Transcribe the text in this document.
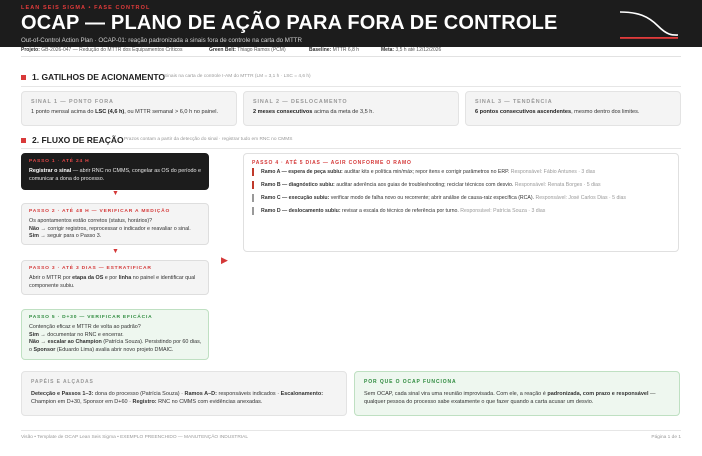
LEAN SEIS SIGMA • FASE CONTROL
OCAP — PLANO DE AÇÃO PARA FORA DE CONTROLE
Out-of-Control Action Plan · OCAP-01: reação padronizada a sinais fora de controle na carta do MTTR
Projeto: GB-2026-047 — Redução do MTTR dos Equipamentos Críticos	Green Belt: Thiago Ramos (PCM)	Baseline: MTTR 6,8 h	Meta: 3,5 h até 12/12/2026
1. GATILHOS DE ACIONAMENTO
Sinais na carta de controle I-AM do MTTR (LM = 3,1 h · LSC = 4,6 h)
SINAL 1 — PONTO FORA
1 ponto mensal acima do LSC (4,6 h), ou MTTR semanal > 6,0 h no painel.
SINAL 2 — DESLOCAMENTO
2 meses consecutivos acima da meta de 3,5 h.
SINAL 3 — TENDÊNCIA
6 pontos consecutivos ascendentes, mesmo dentro dos limites.
2. FLUXO DE REAÇÃO Prazos contam a partir da detecção do sinal · registrar tudo em RNC no CMMS
PASSO 1 · ATÉ 24 H
Registrar o sinal — abrir RNC no CMMS, congelar as OS do período e comunicar a dona do processo.
▼
PASSO 2 · ATÉ 48 H — VERIFICAR A MEDIÇÃO
Os apontamentos estão corretos (status, horários)?
Não → corrigir registros, reprocessar o indicador e reavaliar o sinal.
Sim → seguir para o Passo 3.
▼
PASSO 3 · ATÉ 3 DIAS — ESTRATIFICAR
Abrir o MTTR por etapa da OS e por linha no painel e identificar qual componente subiu.
PASSO 5 · D+30 — VERIFICAR EFICÁCIA
Contenção eficaz e MTTR de volta ao padrão?
Sim → documentar no RNC e encerrar.
Não → escalar ao Champion (Patrícia Souza). Persistindo por 60 dias, o Sponsor (Eduardo Lima) avalia abrir novo projeto DMAIC.
▶
PASSO 4 · ATÉ 5 DIAS — AGIR CONFORME O RAMO
Ramo A — espera de peça subiu: auditar kits e política min/máx; repor itens e corrigir parâmetros no ERP. Responsável: Fábio Antunes · 3 dias
Ramo B — diagnóstico subiu: auditar aderência aos guias de troubleshooting; reciclar técnicos com desvio. Responsável: Renata Borges · 5 dias
Ramo C — execução subiu: verificar modo de falha novo ou recorrente; abrir análise de causa-raiz específica (RCA). Responsável: José Carlos Dias · 5 dias
Ramo D — deslocamento subiu: revisar a escala do técnico de referência por turno. Responsável: Patrícia Souza · 3 dias
PAPÉIS E ALÇADAS
Detecção e Passos 1–3: dona do processo (Patrícia Souza) · Ramos A–D: responsáveis indicados · Escalonamento: Champion em D+30, Sponsor em D+60 · Registro: RNC no CMMS com evidências anexadas.
POR QUE O OCAP FUNCIONA
Sem OCAP, cada sinal vira uma reunião improvisada. Com ele, a reação é padronizada, com prazo e responsável — qualquer pessoa do processo sabe exatamente o que fazer quando a carta acusar um desvio.
Visão • Template de OCAP Lean Seis Sigma • EXEMPLO PREENCHIDO — MANUTENÇÃO INDUSTRIAL	Página 1 de 1
